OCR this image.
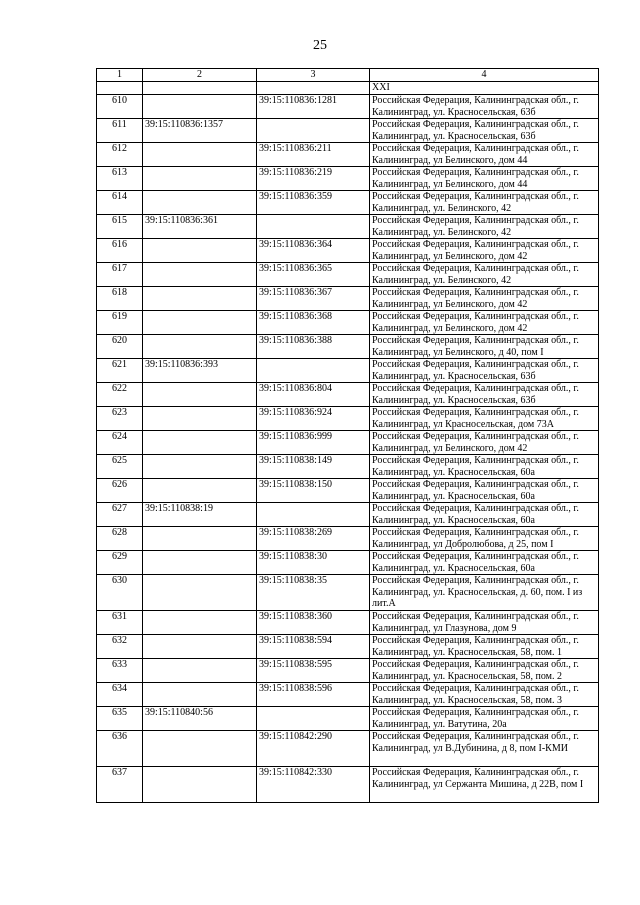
25
1	2	3	4
			XXI
610		39:15:110836:1281	Российская Федерация, Калининградская обл., г. Калининград, ул. Красносельская, 63б
611	39:15:110836:1357		Российская Федерация, Калининградская обл., г. Калининград, ул. Красносельская, 63б
612		39:15:110836:211	Российская Федерация, Калининградская обл., г. Калининград, ул Белинского, дом 44
613		39:15:110836:219	Российская Федерация, Калининградская обл., г. Калининград, ул Белинского, дом 44
614		39:15:110836:359	Российская Федерация, Калининградская обл., г. Калининград, ул. Белинского, 42
615	39:15:110836:361		Российская Федерация, Калининградская обл., г. Калининград, ул. Белинского, 42
616		39:15:110836:364	Российская Федерация, Калининградская обл., г. Калининград, ул Белинского, дом 42
617		39:15:110836:365	Российская Федерация, Калининградская обл., г. Калининград, ул. Белинского, 42
618		39:15:110836:367	Российская Федерация, Калининградская обл., г. Калининград, ул Белинского, дом 42
619		39:15:110836:368	Российская Федерация, Калининградская обл., г. Калининград, ул Белинского, дом 42
620		39:15:110836:388	Российская Федерация, Калининградская обл., г. Калининград, ул Белинского, д 40, пом I
621	39:15:110836:393		Российская Федерация, Калининградская обл., г. Калининград, ул. Красносельская, 63б
622		39:15:110836:804	Российская Федерация, Калининградская обл., г. Калининград, ул. Красносельская, 63б
623		39:15:110836:924	Российская Федерация, Калининградская обл., г. Калининград, ул Красносельская, дом 73А
624		39:15:110836:999	Российская Федерация, Калининградская обл., г. Калининград, ул Белинского, дом 42
625		39:15:110838:149	Российская Федерация, Калининградская обл., г. Калининград, ул. Красносельская, 60а
626		39:15:110838:150	Российская Федерация, Калининградская обл., г. Калининград, ул. Красносельская, 60а
627	39:15:110838:19		Российская Федерация, Калининградская обл., г. Калининград, ул. Красносельская, 60а
628		39:15:110838:269	Российская Федерация, Калининградская обл., г. Калининград, ул Добролюбова, д 25, пом I
629		39:15:110838:30	Российская Федерация, Калининградская обл., г. Калининград, ул. Красносельская, 60а
630		39:15:110838:35	Российская Федерация, Калининградская обл., г. Калининград, ул. Красносельская, д. 60, пом. I из лит.А
631		39:15:110838:360	Российская Федерация, Калининградская обл., г. Калининград, ул Глазунова, дом 9
632		39:15:110838:594	Российская Федерация, Калининградская обл., г. Калининград, ул. Красносельская, 58, пом. 1
633		39:15:110838:595	Российская Федерация, Калининградская обл., г. Калининград, ул. Красносельская, 58, пом. 2
634		39:15:110838:596	Российская Федерация, Калининградская обл., г. Калининград, ул. Красносельская, 58, пом. 3
635	39:15:110840:56		Российская Федерация, Калининградская обл., г. Калининград, ул. Ватутина, 20а
636		39:15:110842:290	Российская Федерация, Калининградская обл., г. Калининград, ул В.Дубинина, д 8, пом I-КМИ
637		39:15:110842:330	Российская Федерация, Калининградская обл., г. Калининград, ул Сержанта Мишина, д 22В, пом I
